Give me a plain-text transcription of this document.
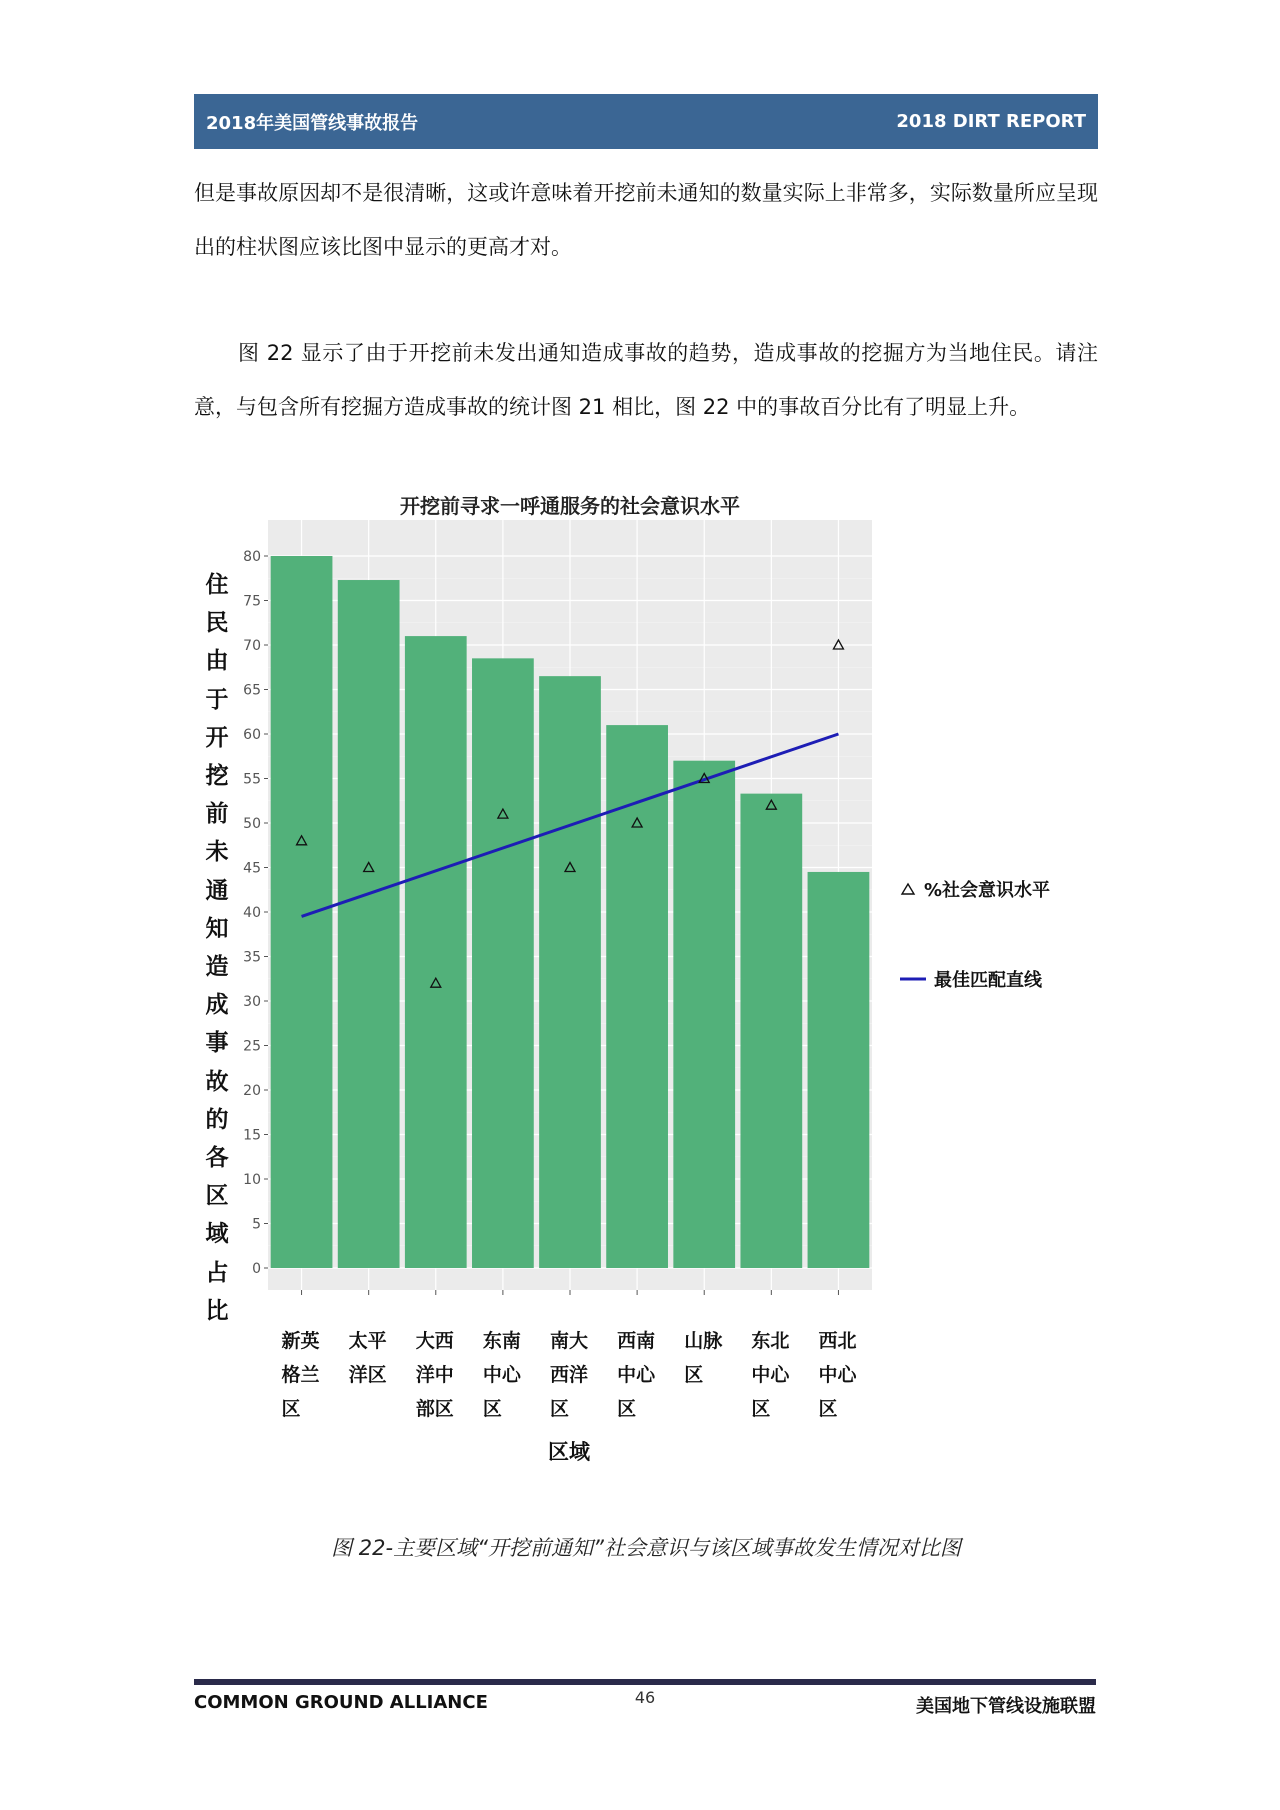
2018年美国管线事故报告	2018 DIRT REPORT

但是事故原因却不是很清晰，这或许意味着开挖前未通知的数量实际上非常多，实际数量所应呈现出的柱状图应该比图中显示的更高才对。

图 22 显示了由于开挖前未发出通知造成事故的趋势，造成事故的挖掘方为当地住民。请注意，与包含所有挖掘方造成事故的统计图 21 相比，图 22 中的事故百分比有了明显上升。

开挖前寻求一呼通服务的社会意识水平
0
5
10
15
20
25
30
35
40
45
50
55
60
65
70
75
80
住民由于开挖前未通知造成事故的各区域占比
新英格兰区
太平洋区
大西洋中部区
东南中心区
南大西洋区
西南中心区
山脉区
东北中心区
西北中心区
区域
%社会意识水平
最佳匹配直线
图 22-主要区域“开挖前通知”社会意识与该区域事故发生情况对比图
COMMON GROUND ALLIANCE	46	美国地下管线设施联盟
